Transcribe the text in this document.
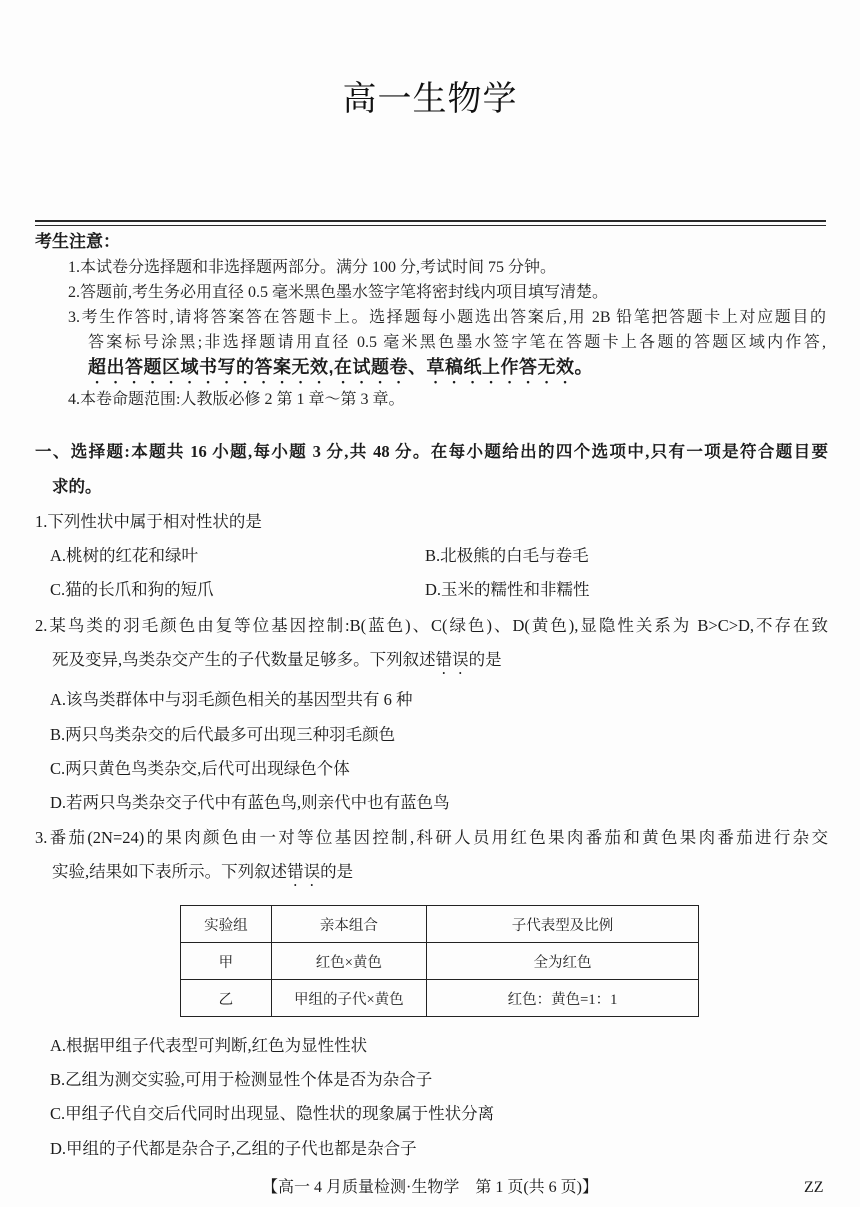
高一生物学
考生注意：
1.本试卷分选择题和非选择题两部分。满分 100 分,考试时间 75 分钟。
2.答题前,考生务必用直径 0.5 毫米黑色墨水签字笔将密封线内项目填写清楚。
3.考生作答时,请将答案答在答题卡上。选择题每小题选出答案后,用 2B 铅笔把答题卡上对应题目的
答案标号涂黑;非选择题请用直径 0.5 毫米黑色墨水签字笔在答题卡上各题的答题区域内作答,
超出答题区域书写的答案无效,在试题卷、草稿纸上作答无效。
4.本卷命题范围:人教版必修 2 第 1 章～第 3 章。
一、选择题:本题共 16 小题,每小题 3 分,共 48 分。在每小题给出的四个选项中,只有一项是符合题目要
求的。
1.下列性状中属于相对性状的是
A.桃树的红花和绿叶	B.北极熊的白毛与卷毛
C.猫的长爪和狗的短爪	D.玉米的糯性和非糯性
2.某鸟类的羽毛颜色由复等位基因控制:B(蓝色)、C(绿色)、D(黄色),显隐性关系为 B>C>D,不存在致
死及变异,鸟类杂交产生的子代数量足够多。下列叙述错误的是
A.该鸟类群体中与羽毛颜色相关的基因型共有 6 种
B.两只鸟类杂交的后代最多可出现三种羽毛颜色
C.两只黄色鸟类杂交,后代可出现绿色个体
D.若两只鸟类杂交子代中有蓝色鸟,则亲代中也有蓝色鸟
3.番茄(2N=24)的果肉颜色由一对等位基因控制,科研人员用红色果肉番茄和黄色果肉番茄进行杂交
实验,结果如下表所示。下列叙述错误的是
实验组	亲本组合	子代表型及比例
甲	红色×黄色	全为红色
乙	甲组的子代×黄色	红色：黄色=1：1
A.根据甲组子代表型可判断,红色为显性性状
B.乙组为测交实验,可用于检测显性个体是否为杂合子
C.甲组子代自交后代同时出现显、隐性状的现象属于性状分离
D.甲组的子代都是杂合子,乙组的子代也都是杂合子
【高一 4 月质量检测·生物学　第 1 页(共 6 页)】	ZZ
